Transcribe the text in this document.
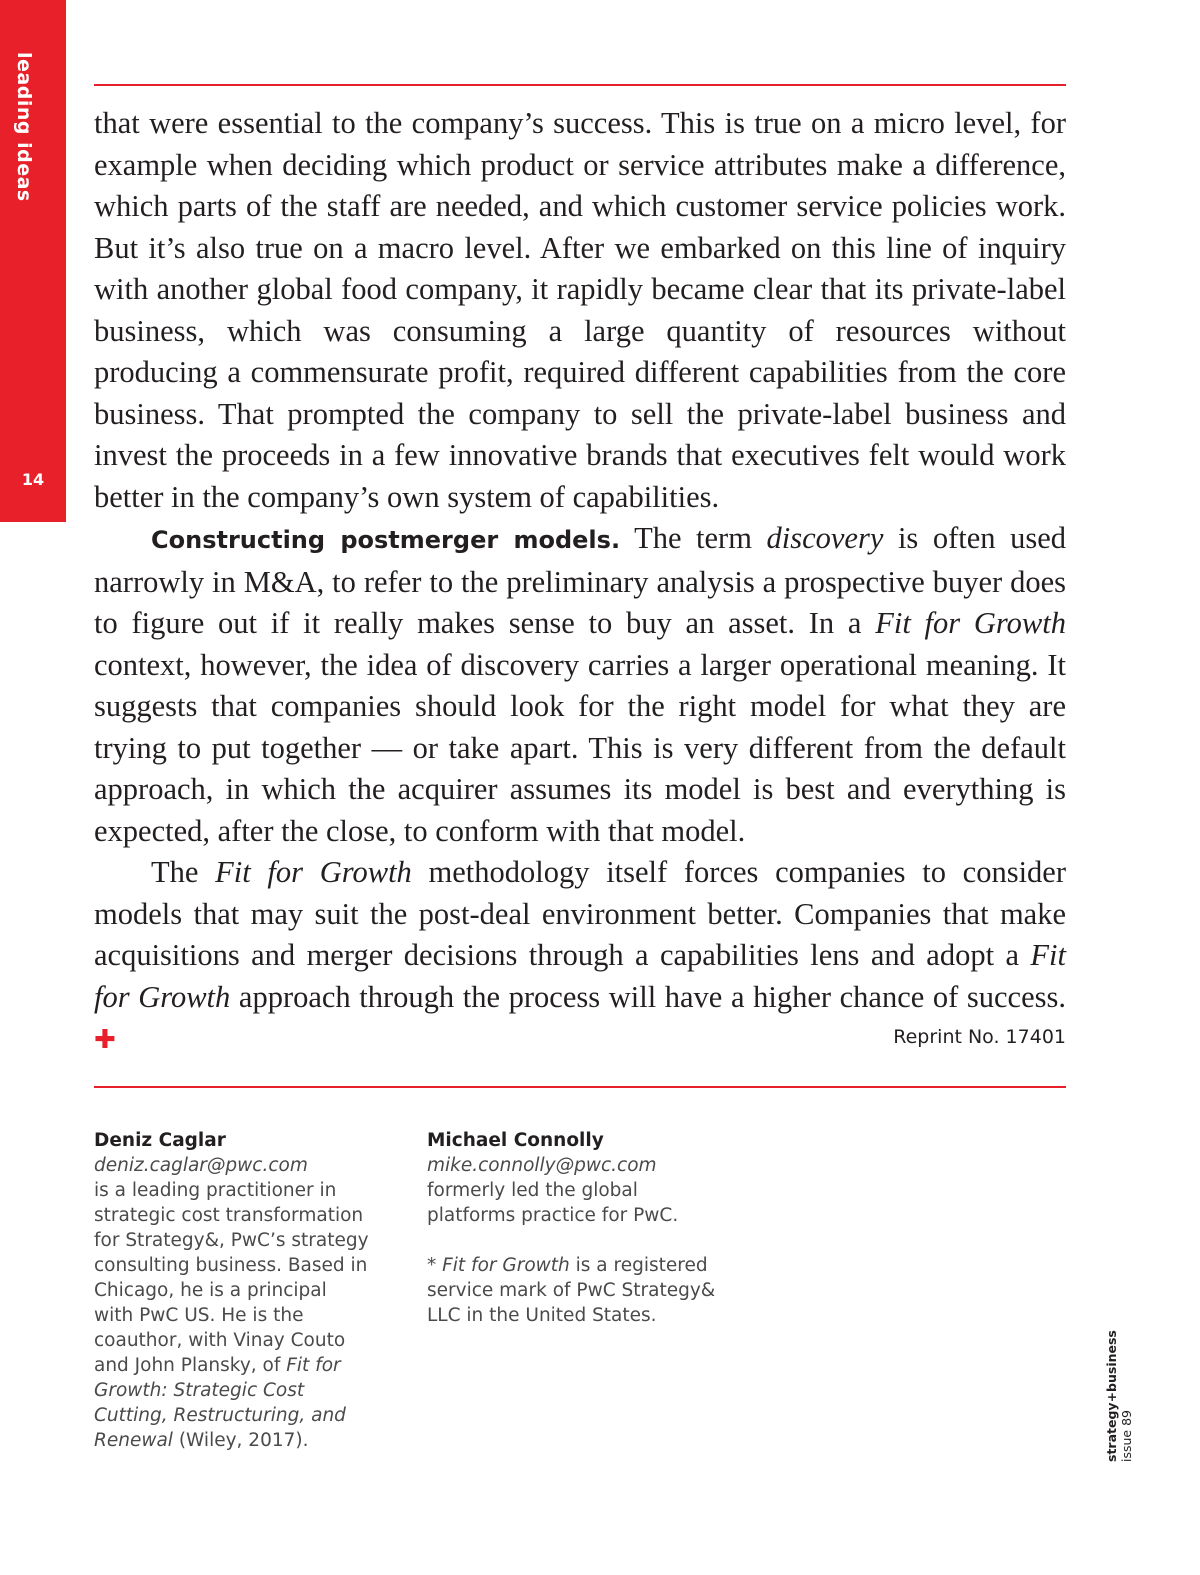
leading ideas
14

that were essential to the company’s success. This is true on a micro level, for example when deciding which product or service attributes make a difference, which parts of the staff are needed, and which customer service policies work. But it’s also true on a macro level. After we embarked on this line of inquiry with another global food company, it rapidly became clear that its private-label business, which was consuming a large quantity of resources without producing a commensurate profit, required different capabilities from the core business. That prompted the company to sell the private-label business and invest the proceeds in a few innovative brands that executives felt would work better in the company’s own system of capabilities.

Constructing postmerger models. The term discovery is often used narrowly in M&A, to refer to the preliminary analysis a prospective buyer does to figure out if it really makes sense to buy an asset. In a Fit for Growth context, however, the idea of discovery carries a larger operational meaning. It suggests that companies should look for the right model for what they are trying to put together — or take apart. This is very different from the default approach, in which the acquirer assumes its model is best and everything is expected, after the close, to conform with that model.

The Fit for Growth methodology itself forces companies to consider models that may suit the post-deal environment better. Companies that make acquisitions and merger decisions through a capabilities lens and adopt a Fit for Growth approach through the process will have a higher chance of success. ✚	Reprint No. 17401
Deniz Caglar
deniz.caglar@pwc.com
is a leading practitioner in strategic cost transformation for Strategy&, PwC’s strategy consulting business. Based in Chicago, he is a principal with PwC US. He is the coauthor, with Vinay Couto and John Plansky, of Fit for Growth: Strategic Cost Cutting, Restructuring, and Renewal (Wiley, 2017).
Michael Connolly
mike.connolly@pwc.com
formerly led the global platforms practice for PwC.
* Fit for Growth is a registered service mark of PwC Strategy& LLC in the United States.
strategy+business issue 89
